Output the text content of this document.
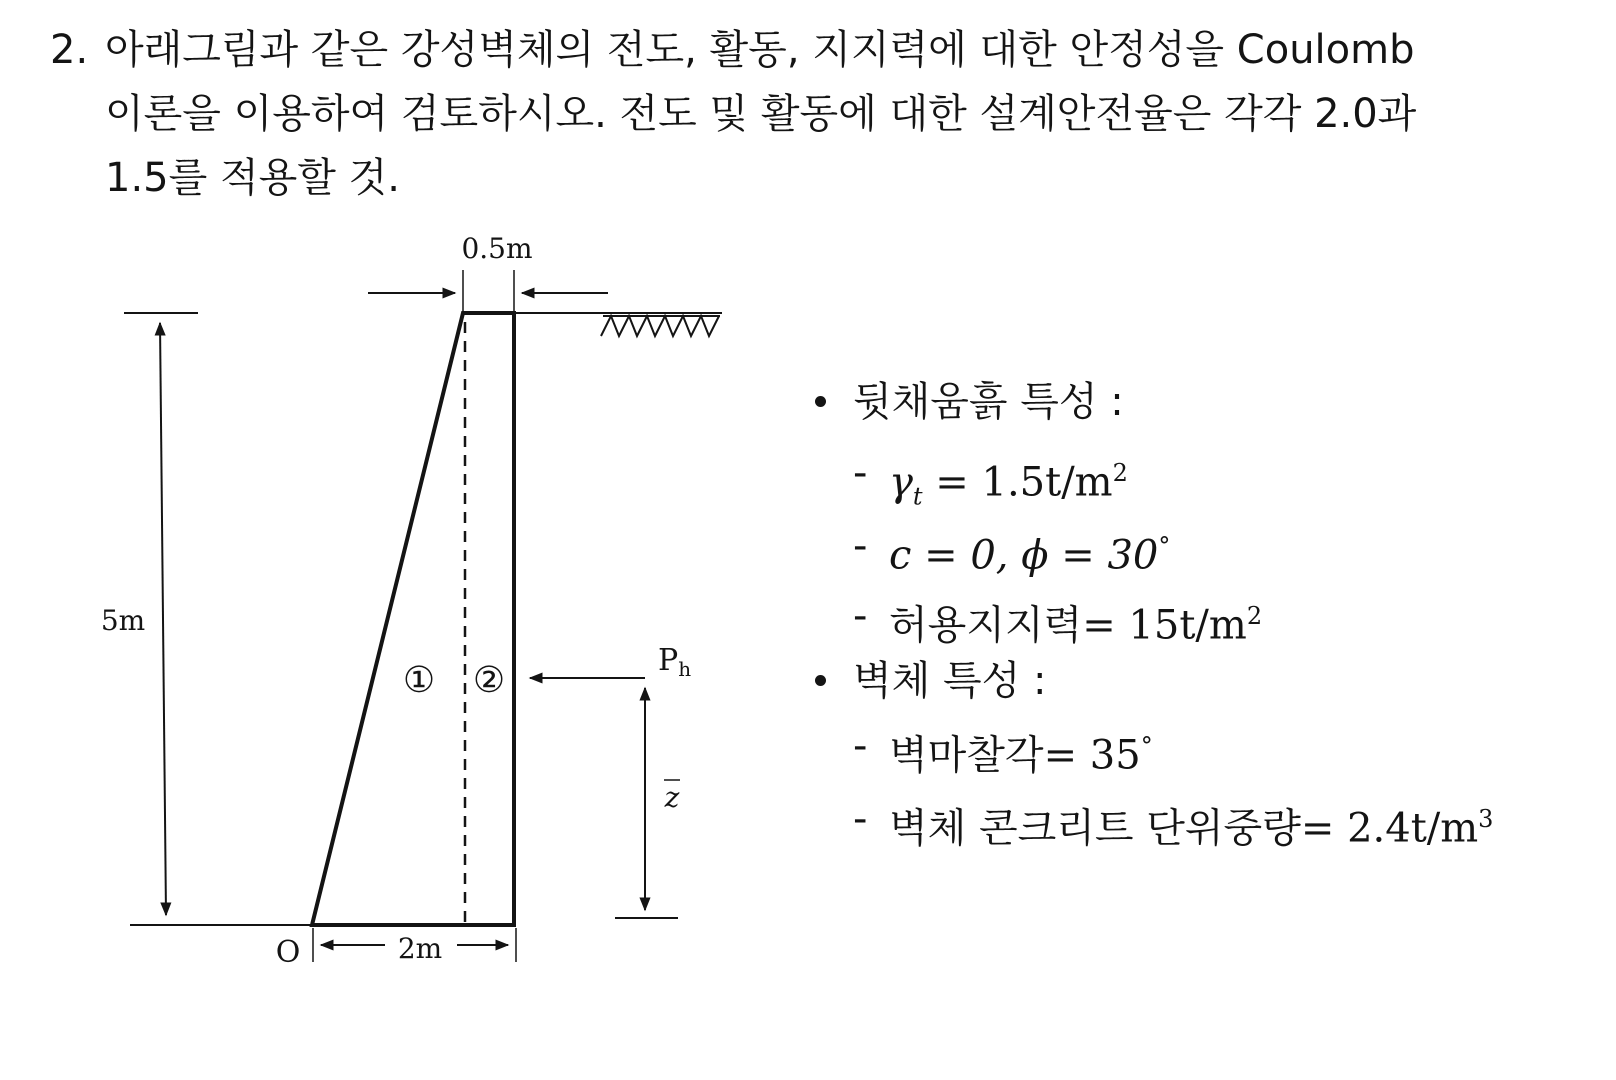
2. 아래그림과 같은 강성벽체의 전도, 활동, 지지력에 대한 안정성을 Coulomb
이론을 이용하여 검토하시오. 전도 및 활동에 대한 설계안전율은 각각 2.0과
1.5를 적용할 것.
0.5m
5m
① ②
2m
O
$P_h$
z
뒷채움흙 특성 :
- $\gamma_t = 1.5t/m^2$
- c = 0, ϕ = 30°
- 허용지지력= $15t/m^2$
벽체 특성 :
- 벽마찰각= 35°
- 벽체 콘크리트 단위중량= $2.4t/m^3$
